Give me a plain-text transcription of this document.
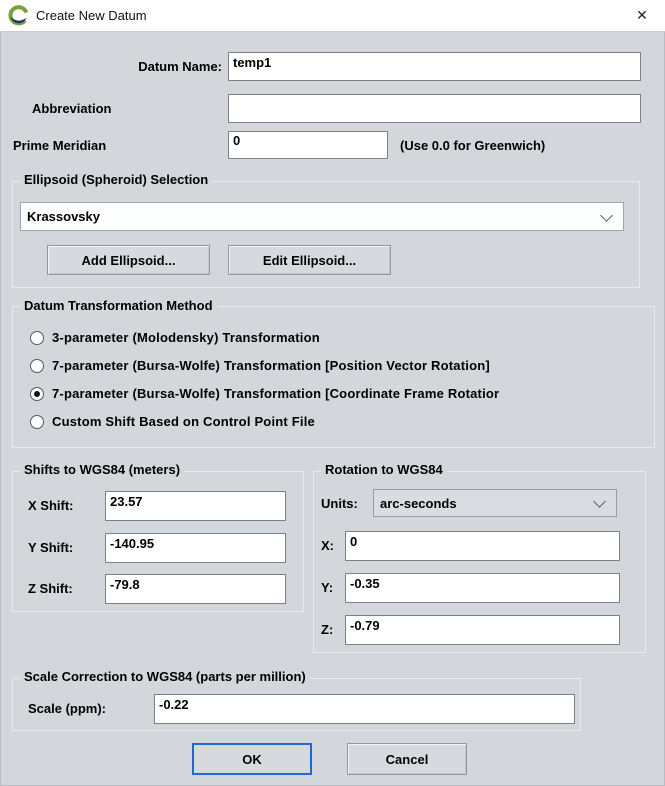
Create New Datum	✕
Datum Name:
temp1
Abbreviation
Prime Meridian
0	(Use 0.0 for Greenwich)
Ellipsoid (Spheroid) Selection
Krassovsky
Add Ellipsoid...	Edit Ellipsoid...
Datum Transformation Method
3-parameter (Molodensky) Transformation
7-parameter (Bursa-Wolfe) Transformation [Position Vector Rotation]
7-parameter (Bursa-Wolfe) Transformation [Coordinate Frame Rotatior
Custom Shift Based on Control Point File
Shifts to WGS84 (meters)
X Shift:
23.57
Y Shift:
-140.95
Z Shift:
-79.8
Rotation to WGS84
Units: arc-seconds
X:
0
Y:
-0.35
Z:
-0.79
Scale Correction to WGS84 (parts per million)
Scale (ppm):
-0.22
OK	Cancel
